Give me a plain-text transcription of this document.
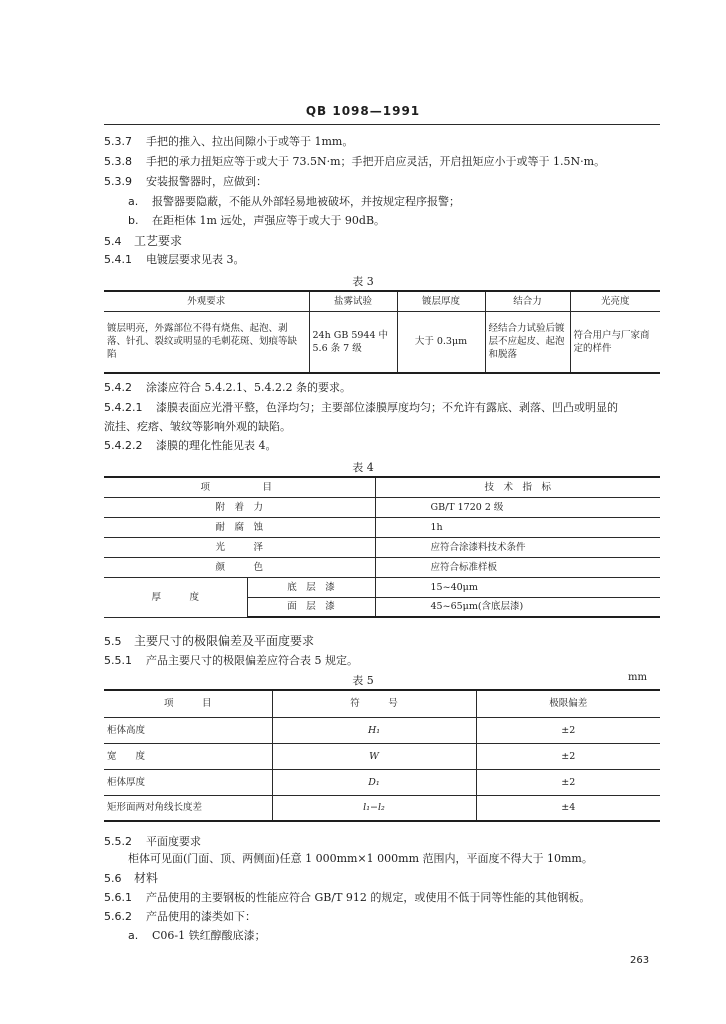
QB 1098—1991
5.3.7 手把的推入、拉出间隙小于或等于 1mm。
5.3.8 手把的承力扭矩应等于或大于 73.5N·m；手把开启应灵活，开启扭矩应小于或等于 1.5N·m。
5.3.9 安装报警器时，应做到：
a. 报警器要隐蔽，不能从外部轻易地被破坏，并按规定程序报警；
b. 在距柜体 1m 远处，声强应等于或大于 90dB。
5.4 工艺要求
5.4.1 电镀层要求见表 3。
表 3
外观要求	盐雾试验	镀层厚度	结合力	光亮度
镀层明亮，外露部位不得有烧焦、起泡、剥落、针孔、裂纹或明显的毛刺花斑、划痕等缺陷	24h GB 5944 中 5.6 条 7 级	大于 0.3μm	经结合力试验后镀层不应起皮、起泡和脱落	符合用户与厂家商定的样件
5.4.2 涂漆应符合 5.4.2.1、5.4.2.2 条的要求。
5.4.2.1 漆膜表面应光滑平整，色泽均匀；主要部位漆膜厚度均匀；不允许有露底、剥落、凹凸或明显的
流挂、疙瘩、皱纹等影响外观的缺陷。
5.4.2.2 漆膜的理化性能见表 4。
表 4
项　　　目		技　术　指　标
附　着　力		GB/T 1720 2 级
耐　腐　蚀		1h
光　　　泽		应符合涂漆料技术条件
颜　　　色		应符合标准样板
厚　　　度	底　层　漆	15~40μm
	面　层　漆	45~65μm(含底层漆)
5.5 主要尺寸的极限偏差及平面度要求
5.5.1 产品主要尺寸的极限偏差应符合表 5 规定。
表 5	mm
项　　　目	符　　　号	极限偏差
柜体高度	H₁	±2
宽　　度	W	±2
柜体厚度	D₁	±2
矩形面两对角线长度差	l₁−l₂	±4
5.5.2 平面度要求
柜体可见面(门面、顶、两侧面)任意 1 000mm×1 000mm 范围内，平面度不得大于 10mm。
5.6 材料
5.6.1 产品使用的主要钢板的性能应符合 GB/T 912 的规定，或使用不低于同等性能的其他钢板。
5.6.2 产品使用的漆类如下：
a. C06-1 铁红醇酸底漆；
263
